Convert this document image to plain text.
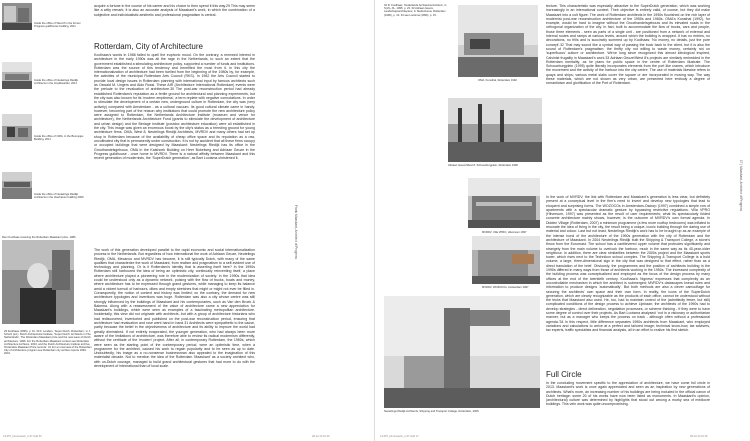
Inside the office of West 8 in the former Progress guildhouse building, 2011
Inside the office of Neutelings Riedijk Architects in the Lloydkwartier, 2011
Inside the office of OMA, in the Boompjes Building, 2011
Inside the office of Neutelings Riedijk Architects in the Veerhaven building 2009
Rem Koolhaas receiving the Rotterdam-Maaskant prize, 1986
29 Koolhaas (1995), p. 10. 30 F. Lenders, 'Super Dutch, Rotterdam', in J. Scholz (ed.), Dutch Architectural Institute, 'Super Dutch: Architects in The Netherlands', The Rotterdam-Maaskant prize and the new wave of Dutch architecture, 1996. For the Rotterdam-Maaskant context see Rotterdam Architecture Archives, 2004, and the Dutch Architecture Institute archive, 'Rotterdam Maaskant Prize records'. 31 For an overview of the Rotterdam City of Architecture program see Rotterdam city archive reports 1993-2001.
acquire a fortune in the course of his career and his choice to then spend it this way.29 This may seem like a witty remark; it is also an accurate analysis of Maaskant's work, in which the combination of a subjective and individualistic aesthetic and professional pragmatism is central.
Rotterdam, City of Architecture
Koolhaas's words in 1986 failed to quell the euphoric mood. On the contrary, a renewed interest in architecture in the early 1990s was all the rage in the Netherlands, to such an extent that the government established a stimulating architecture policy, supported a number of funds and institutions. Rotterdam was the source of this tendency and benefited the most from it. In this city the internationalization of architecture had been fuelled from the beginning of the 1980s by, for example, the activities of the municipal Rotterdam Arts Council (RKS). In 1982 the Arts Council started to provide local design issues in Rotterdam planning with international input by famous architects such as Oswald M. Ungers and Aldo Rossi. These AIR (Architecture International Rotterdam) events were the prelude to the revaluation of architecture.30 The post-war reconstruction period had already established Rotterdam's reputation as a fertile ground for architectural and planning experiments, but the city was also known for its 'modern emptiness', a term replete with negative connotations. In order to stimulate the development of a certain new, underground culture in Rotterdam, the city was (very actively) compared with Amsterdam - as a cultural vacuum. Its good cultural climate came in handy, however, becoming part of the reason why institutions that could promote the new architecture policy were assigned to Rotterdam, the Netherlands Architecture Institute (museum and venue for architecture), the Netherlands Architecture Fund (grants to stimulate the development of architecture and urban design) and the Berlage Institute (postdoc architecture education) were all established in the city. This image was given an enormous boost by the city's status as a breeding ground for young architecture firms. OMA, West 8, Neutelings Riedijk Architects, MVRDV and many others had set up shop in Rotterdam because of the availability of cheap office space and its reputation as a raw, uncultivated city that is permanently under construction. It is not by accident that all these firms occupy or occupied buildings that were designed by Maaskant: Neutelings Riedijk has its office in the Groothandelsgebouw, OMA in the Katshoek Building on Heer Bokelweg and Adriaan Geuze in the Progress guildhouse - once home to MVRDV. There is a natural affinity between Maaskant and this recent generation of modernists, the 'SuperDutch generation', as Bart Lootsma christened it.
The work of this generation developed parallel to the rapid economic and social internationalization process in the Netherlands. But regardless of how international the work of Adriaan Geuze, Neutelings Riedijk, OMA, Mecanoo and MVRDV has become, it is still typically Dutch, with many of the same qualities that characterize the work of Maaskant, from realism and pragmatism to a self-evident use of technology and planning. Or is it Rotterdam's identity that is asserting itself here? In the 1990s Rotterdam still harboured the idea of being an optimistic city, continually reinventing itself, a place where architecture played a pioneering role in the modernization of society. In the 1990s that idea could be understood only as a dynamic network, pulsing with the flow of trucks, boats and money, where architecture has to be expressed through grand gestures, while managing to keep its balance amid a violent turmoil of harbours, dikes and empty stretches that might or might not ever be filled in. Consequently, the notion of context and history was limited; on the contrary, the demand for new architecture typologies and inventions was huge. Rotterdam was also a city whose centre was still strongly influenced by the buildings of Maaskant and his contemporaries, such as Van den Broek & Bakema. Along with a reassessment of the value of architecture came a new appreciation for Maaskant's buildings, which were seen as examples of a fascinating metropolitan architecture. Incidentally, this view did not originate with architects, but with a group of architecture historians who had rediscovered, inventoried and published on the post-war reconstruction period, ensuring that architecture had revaluation and rose went hand in hand.31 Architects were sympathetic to the cause, partly because the belief in the objectiveness of architecture and its ability to improve the world had greatly diminished. If not entirely evaporated, the younger generation, who had always been more aware of the limitations of architecture, was therefore able to review its radical modernism differently, without the certitude of the 'modern' project. After all, in contemporary Rotterdam, the 1950s, which were seen as the starting point of the contemporary period, were an optimistic time, when a programme for the architect, caused his work to regain popularity and to be seen as up to date. Undoubtedly, his image as a no-nonsense businessman also appealed to the imagination of this materialist decade. Not to mention the idea of the Rotterdam 'Maaskant' as a society architect who, with un-Dutch courage, managed to build grand architectural gestures that had more to do with the development of international than of local scale.
Frank Maaskant, Architect of Progress
13-057_binnenwerk_1-37.indd 36	28-12-13 16:16
32 R. Koolhaas, 'Nederlands Architectuurinstituut', in S,M,L,XL, 1995, p. 23. 33 Adriaan Geuze, Landschapsarchitectuur, in Stedenbouw, Rotterdam (1996), p. 10. 34 see Lootsma (1996), p. 15.
OMA, Kunsthal, Rotterdam 1992
Adriaan Geuze/West 8, Schouwburgplein, Rotterdam 1996
MVRDV, Villa VPRO, Hilversum 1997
MVRDV, WOZOCOs, Amsterdam 1997
Neutelings Riedijk Architects, Shipping and Transport College, Rotterdam, 2005
17 | Maaskant, Architect of Progress
tecture. This characteristic was especially attractive to the SuperDutch generation, which was working increasingly in an international context. Their objective is entirely valid, of course, but they did make Maaskant into a cult figure. The work of Rotterdam architects in the 1990s flourished on the rich layer of modernist post-war reconstruction architecture of the 1950s and 1960s. OMA's Kunsthal (1992), for example, would be hard to imagine without the Groothandelsgebouw and its elevated roads in the orthogonal organization of the city. In fact, built to accommodate the flow of trucks, cars and people, those three elements - seen as parts of a single unit - are positioned from a network of external and internal routes and ramps at various levels, around which the building is wrapped. It has no entries, no decorations, no frills and is succinctly summed up by Koolhaas: 'No money, no details, just the pure concept'.32 That may sound like a cynical way of passing the buck back to the client, but it is also the sound of Rotterdam's pragmatism: the thrifty city not willing to waste money, certainly not on 'superfluous' culture or architecture. We've long since recognized this almost ideological inspired, Calvinist frugality in Maaskant's work.33 Adriaan Geuze/West 8's projects are similarly embedded in the Rotterdam mentality, as he plans for public space in the centre of Rotterdam illustrate. The Schouwburgplein (1995) quite literally incorporates elements from the port like cranes, which introduce the movement and the activity of the harbour into the city centre. The use of materials likewise refers to quays and ships; various metal slabs cover the square or are incorporated in moving way. The way these materials, which are not shown as very urban, are presented here embody a degree of romanticism and glorification of the Port of Rotterdam.
In the work of MVRDV, the link with Rotterdam and Maaskant's generation is less clear, but definitely present at a conceptual level in the firm's need to invent and develop new typologies that lead to eloquent and surprising forms. The WOZOCOs in Amsterdam-Osdorp (1997) combined a simple row of apartments with a spectacular dramatic gesture by bypassing restrictive regulations. Villa VPRO (Hilversum, 1997) was presented as the result of user requirements; what its spectacularly folded concrete architecture mainly shows, however, is the outcome of MVRDV's own formal agenda. In Didden Village (Rotterdam, 2007) a minimum programme (a few more rooftop bedrooms) was inflated to resonate the idea of living in the city, the result being a unique, iconic building through the daring use of material and colour. Last but not least, Neutelings Riedijk's work has to be brought up as an example of the intense bond of the architecture of the 1990s generation with the city of Rotterdam and the architecture of Maaskant. In 2004 Neutelings Riedijk built the Shipping & Transport College, a stone's throw from the Euromast. The school has a cantilevered upper volume that protrudes significantly and strangely from the main volume to overlook the harbour, much in the same way as its 40-year-older neighbour. In addition, there are clear similarities between the 2000s project and the Maaskant sports tower, which rises next to the Technikon school complex. The Shipping & Transport College is a bold volume, a large, three-dimensional sign in the city that was designed to that effect, rather than as a direct translation of the brief. Obviously, the programmes and the position of architects building in the 1990s differed in many ways from those of architects working in the 1950s. The increased complexity of the building process was conceptualized and employed as the focus of the design process by many offices at the end of the twentieth century. Koolhaas's 'bigness' expresses that complexity as an uncontrollable mechanism in which the architect is submerged; MVRDV's datascapes knead rules and information to produce designs 'automatically'. But both methods are also a clever camouflage for securing the architects' own space and their own form. In reality, the icons of the SuperDutch generation, which are clearly recognizable as the products of each office, cannot be understood without the tricks that Maaskant also used. He, too, had to maintain control of the (admittedly fewer, but still) complicated conditions of the design process to achieve Lijnbaan; the architects of the 1990s had to develop strategies - direct delineation, negotiation processes, or scheme thinking - if they were to have some degree of control over their projects. As Bart Lootsma analysed: 'not in a visionary or authoritarian manner, but as a manager who keeps the process on track - although often without a professional agenda.'34 In this respect, little difference separates 1990s architects from Maaskant, who employed variations and calculations to arrive at a perfect and tailored image; technical know-how, tax advisers, tax experts, traffic specialists and financial analysts, all in an effort to realize his first sketch.
Full Circle
In the concluding movement specific to the appreciation of architecture, we have come full circle in 2013. Maaskant's work is once again appreciated and seen as an inspiration by new generations of architects. What's more, an increasing number of his buildings are being included in the official canon of Dutch heritage: some 20 of his works have now been listed as monuments. In Maaskant's opinion, (architectural) culture was determined by highlights that stood out among a murky sea of mediocre buildings. This vein work was quite uncompromising.
13-057_binnenwerk_1-37.indd 17	28-12-13 16:16
